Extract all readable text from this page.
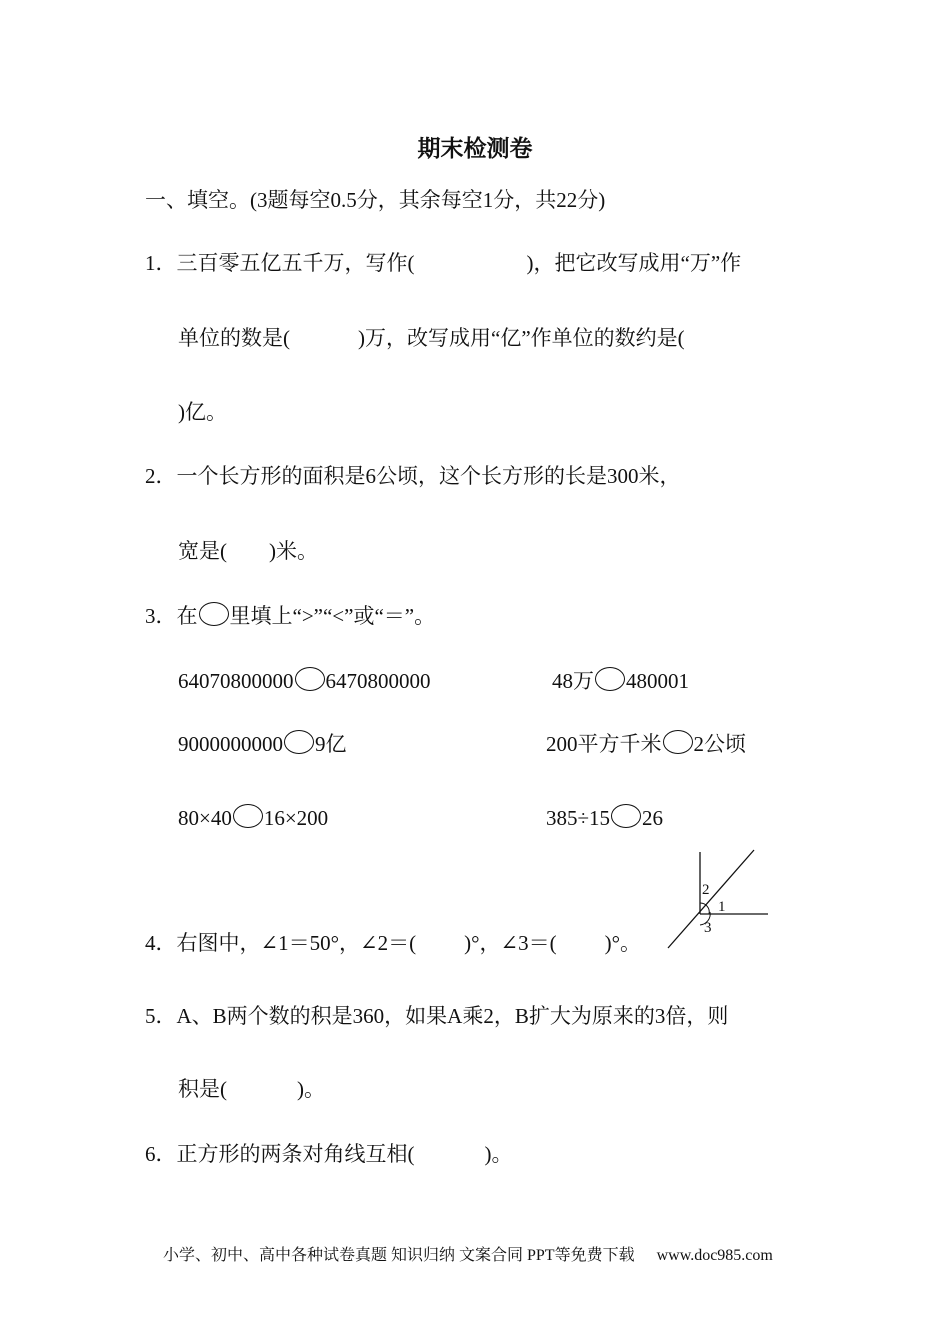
期末检测卷
一、填空。(3题每空0.5分，其余每空1分，共22分)
1．三百零五亿五千万，写作(	)，把它改写成用“万”作
单位的数是(	)万，改写成用“亿”作单位的数约是(
)亿。
2．一个长方形的面积是6公顷，这个长方形的长是300米，
宽是( )米。
3．在 里填上“>”“<”或“＝”。
64070800000 6470800000	48万 480001
9000000000 9亿	200平方千米 2公顷
80×40 16×200	385÷15 26
4．右图中，∠1＝50°，∠2＝( )°，∠3＝( )°。
1
2
3
5．A、B两个数的积是360，如果A乘2，B扩大为原来的3倍，则
积是(	)。
6．正方形的两条对角线互相(	)。
小学、初中、高中各种试卷真题 知识归纳 文案合同 PPT等免费下载 www.doc985.com
